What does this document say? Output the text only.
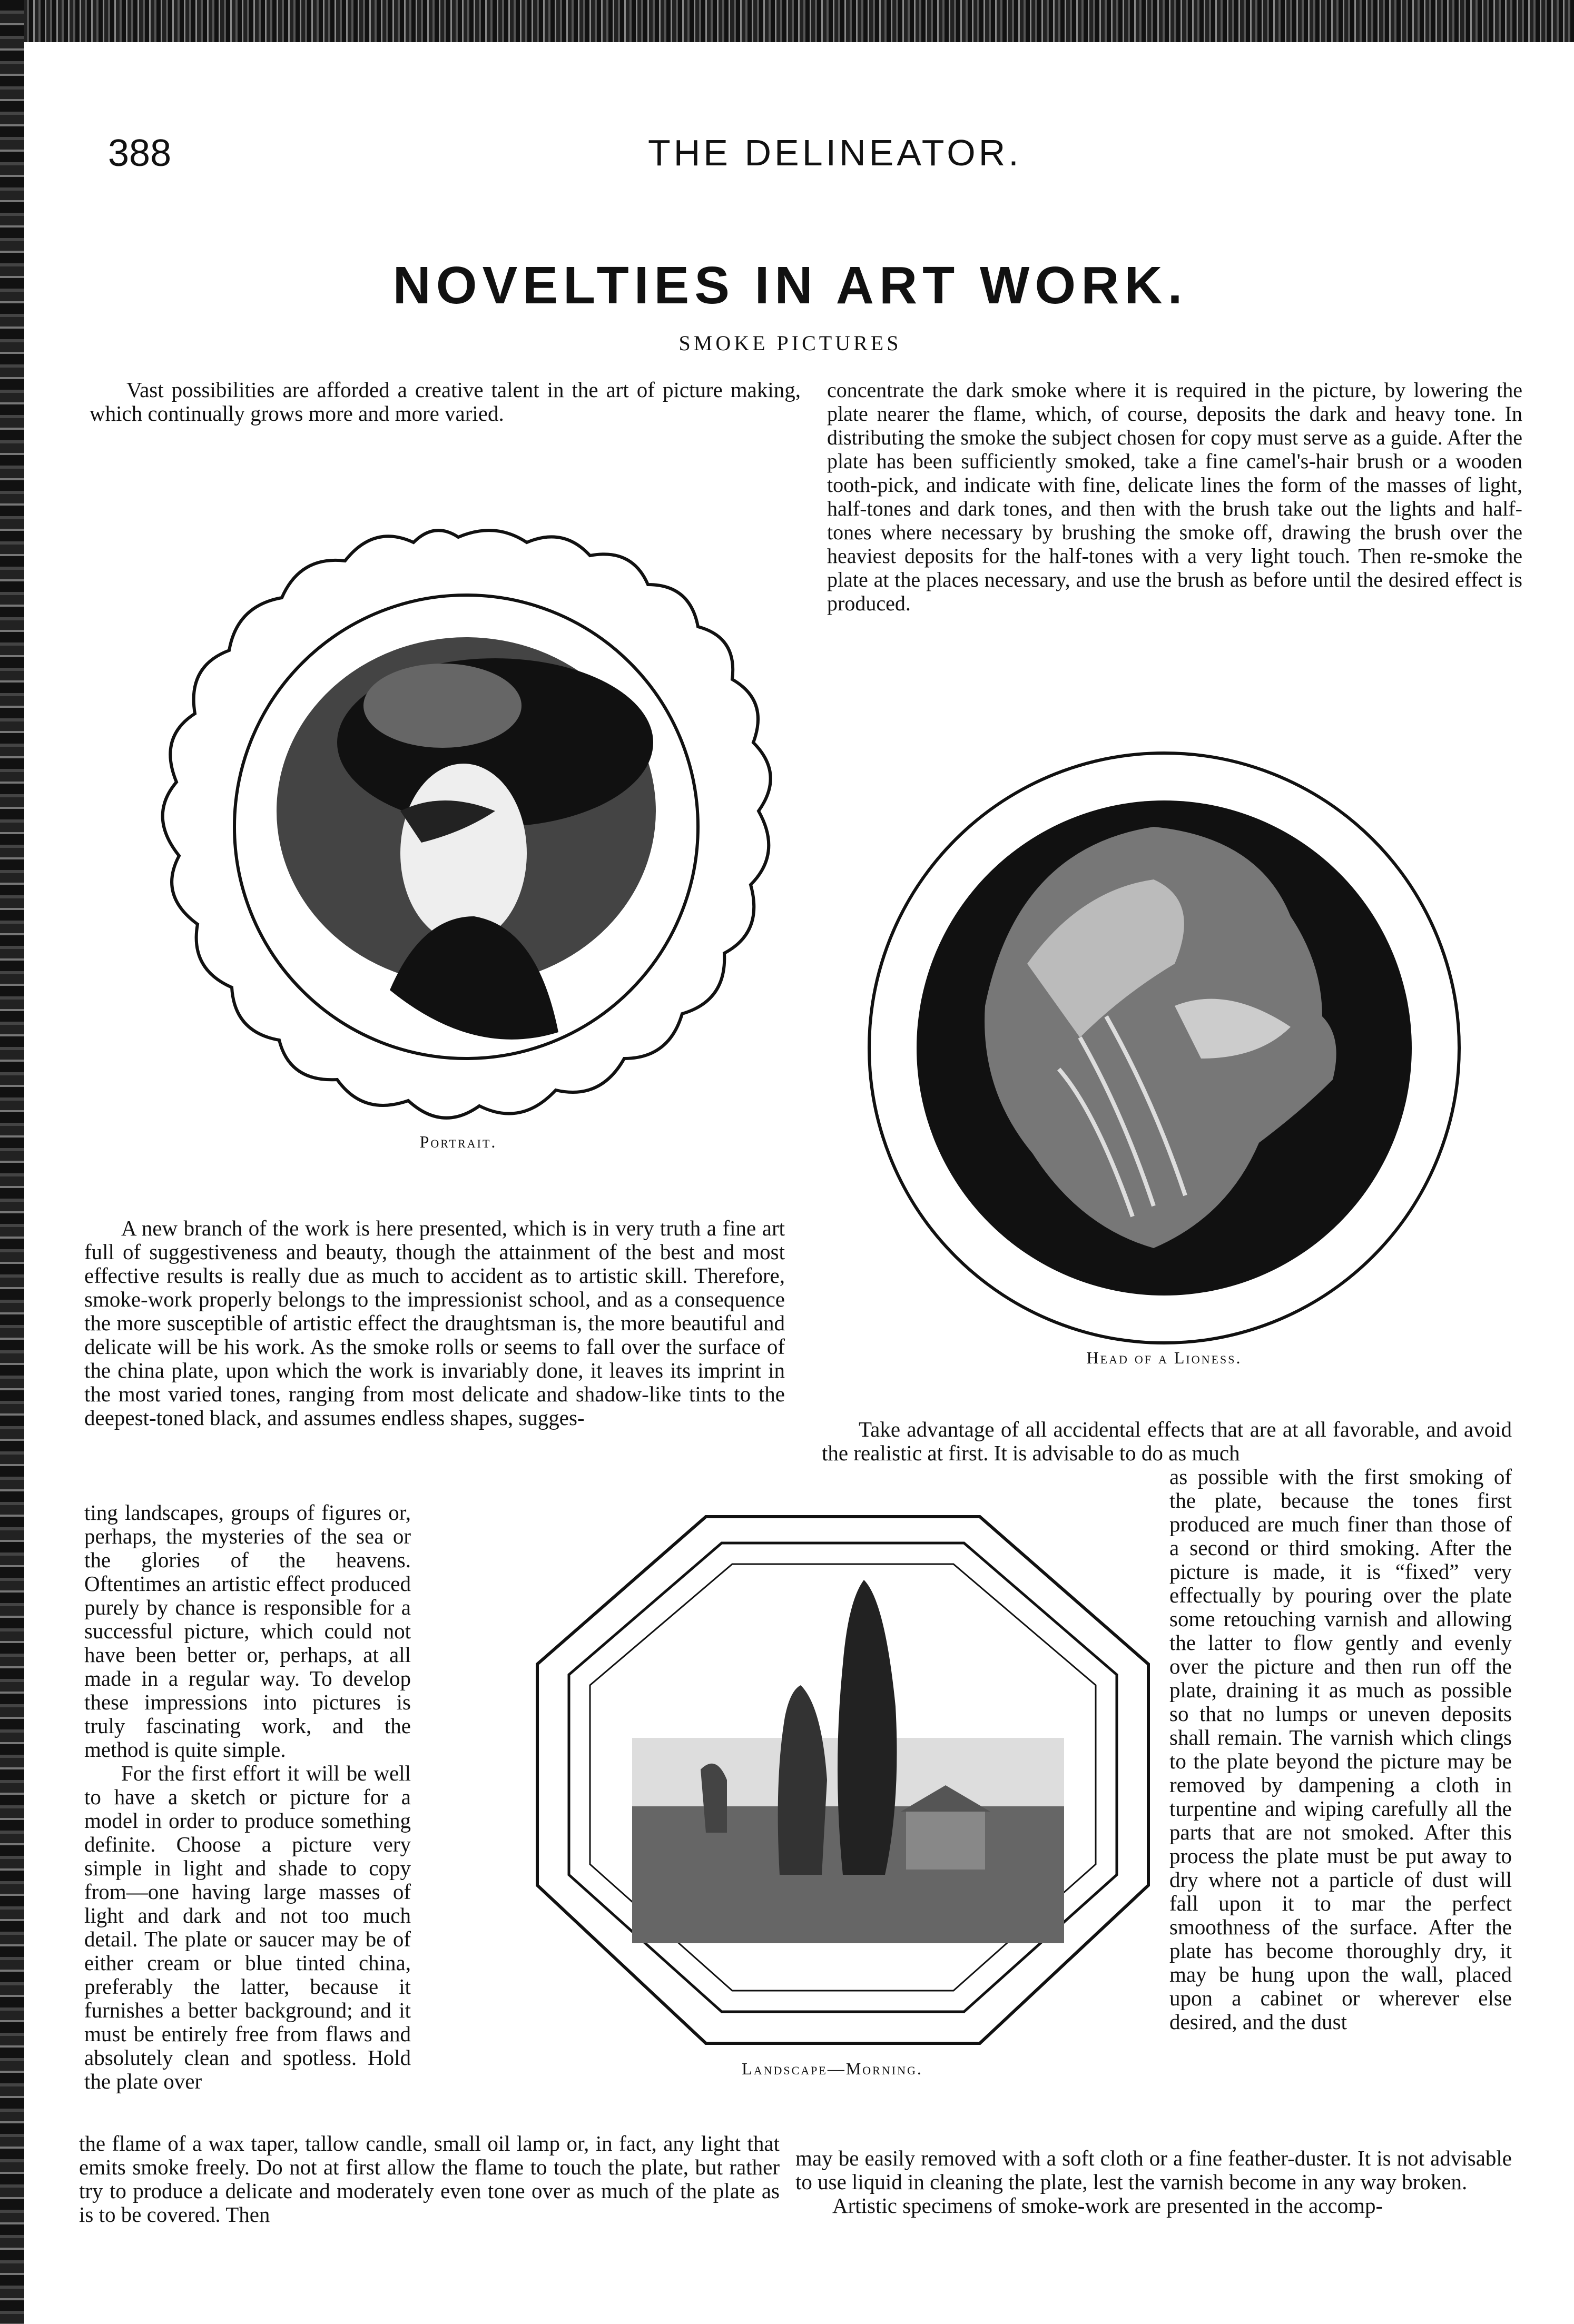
388	THE DELINEATOR.
NOVELTIES IN ART WORK.
SMOKE PICTURES
Vast possibilities are afforded a creative talent in the art of picture making, which continually grows more and more varied.
concentrate the dark smoke where it is required in the picture, by lowering the plate nearer the flame, which, of course, deposits the dark and heavy tone. In distributing the smoke the subject chosen for copy must serve as a guide. After the plate has been sufficiently smoked, take a fine camel's-hair brush or a wooden tooth-pick, and indicate with fine, delicate lines the form of the masses of light, half-tones and dark tones, and then with the brush take out the lights and half-tones where necessary by brushing the smoke off, drawing the brush over the heaviest deposits for the half-tones with a very light touch. Then re-smoke the plate at the places necessary, and use the brush as before until the desired effect is produced.
Portrait.
Head of a Lioness.
A new branch of the work is here presented, which is in very truth a fine art full of suggestiveness and beauty, though the attainment of the best and most effective results is really due as much to accident as to artistic skill. Therefore, smoke-work properly belongs to the impressionist school, and as a consequence the more susceptible of artistic effect the draughtsman is, the more beautiful and delicate will be his work. As the smoke rolls or seems to fall over the surface of the china plate, upon which the work is invariably done, it leaves its imprint in the most varied tones, ranging from most delicate and shadow-like tints to the deepest-toned black, and assumes endless shapes, sugges-
ting landscapes, groups of figures or, perhaps, the mysteries of the sea or the glories of the heavens. Oftentimes an artistic effect produced purely by chance is responsible for a successful picture, which could not have been better or, perhaps, at all made in a regular way. To develop these impressions into pictures is truly fascinating work, and the method is quite simple.
For the first effort it will be well to have a sketch or picture for a model in order to produce something definite. Choose a picture very simple in light and shade to copy from—one having large masses of light and dark and not too much detail. The plate or saucer may be of either cream or blue tinted china, preferably the latter, because it furnishes a better background; and it must be entirely free from flaws and absolutely clean and spotless. Hold the plate over
Take advantage of all accidental effects that are at all favorable, and avoid the realistic at first. It is advisable to do as much
Landscape—Morning.
as possible with the first smoking of the plate, because the tones first produced are much finer than those of a second or third smoking. After the picture is made, it is “fixed” very effectually by pouring over the plate some retouching varnish and allowing the latter to flow gently and evenly over the picture and then run off the plate, draining it as much as possible so that no lumps or uneven deposits shall remain. The varnish which clings to the plate beyond the picture may be removed by dampening a cloth in turpentine and wiping carefully all the parts that are not smoked. After this process the plate must be put away to dry where not a particle of dust will fall upon it to mar the perfect smoothness of the surface. After the plate has become thoroughly dry, it may be hung upon the wall, placed upon a cabinet or wherever else desired, and the dust
the flame of a wax taper, tallow candle, small oil lamp or, in fact, any light that emits smoke freely. Do not at first allow the flame to touch the plate, but rather try to produce a delicate and moderately even tone over as much of the plate as is to be covered. Then
may be easily removed with a soft cloth or a fine feather-duster. It is not advisable to use liquid in cleaning the plate, lest the varnish become in any way broken.
Artistic specimens of smoke-work are presented in the accomp-
